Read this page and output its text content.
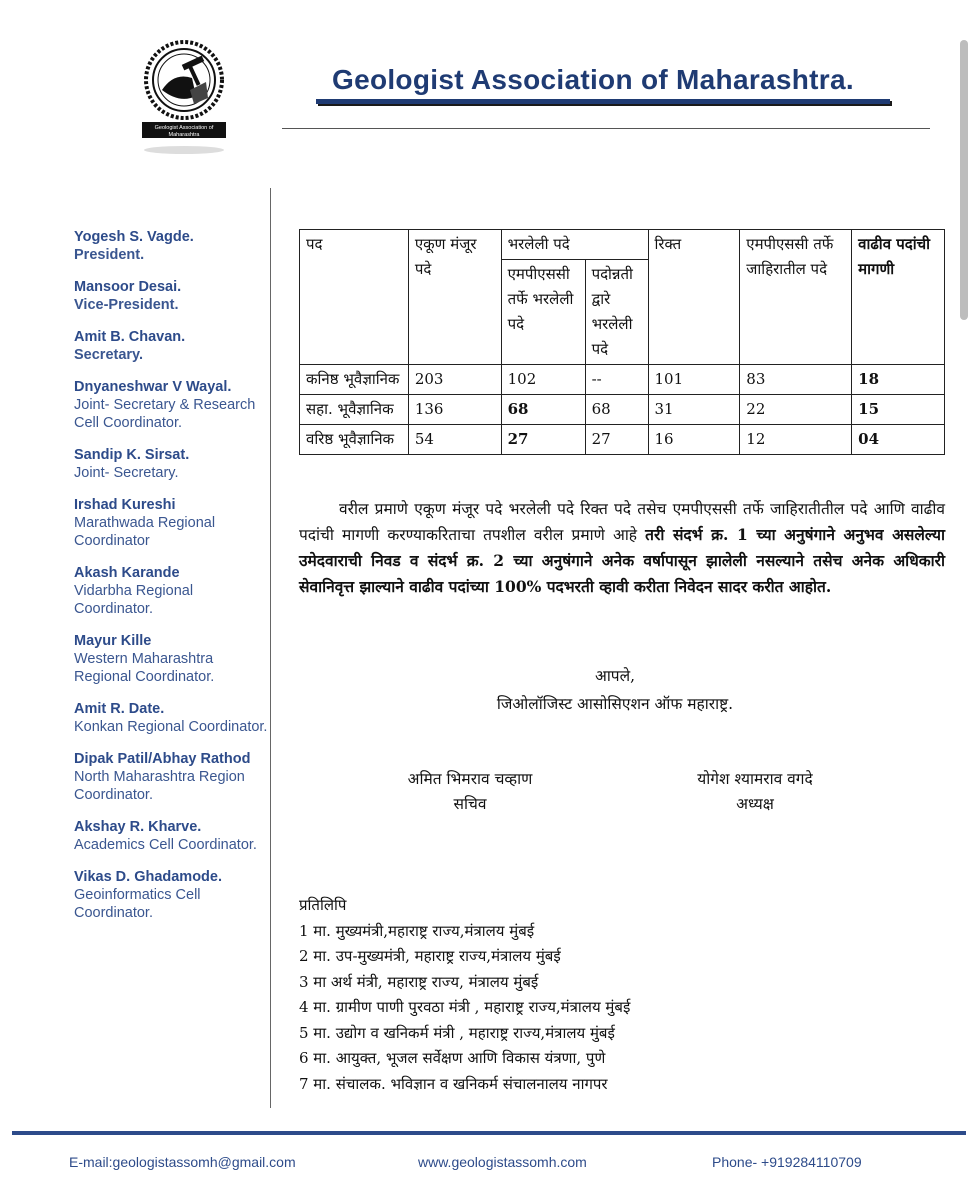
Geologist Association of
Maharashtra
Geologist Association of Maharashtra.
Yogesh S. Vagde.
President.
Mansoor Desai.
Vice-President.
Amit B. Chavan.
Secretary.
Dnyaneshwar V Wayal.
Joint- Secretary & Research Cell Coordinator.
Sandip K. Sirsat.
Joint- Secretary.
Irshad Kureshi
Marathwada Regional Coordinator
Akash Karande
Vidarbha Regional Coordinator.
Mayur Kille
Western Maharashtra Regional Coordinator.
Amit R. Date.
Konkan Regional Coordinator.
Dipak Patil/Abhay Rathod
North Maharashtra Region Coordinator.
Akshay R. Kharve.
Academics Cell Coordinator.
Vikas D. Ghadamode.
Geoinformatics Cell Coordinator.
पद	एकूण मंजूर पदे	भरलेली पदे		रिक्त	एमपीएससी तर्फे जाहिरातील पदे	वाढीव पदांची मागणी
		एमपीएससी तर्फे भरलेली पदे	पदोन्नती द्वारे भरलेली पदे			
कनिष्ठ भूवैज्ञानिक	203	102	--	101	83	18
सहा. भूवैज्ञानिक	136	68	68	31	22	15
वरिष्ठ भूवैज्ञानिक	54	27	27	16	12	04

वरील प्रमाणे एकूण मंजूर पदे भरलेली पदे रिक्त पदे तसेच एमपीएससी तर्फे जाहिरातीतील पदे आणि वाढीव पदांची मागणी करण्याकरिताचा तपशील वरील प्रमाणे आहे तरी संदर्भ क्र. 1 च्या अनुषंगाने अनुभव असलेल्या उमेदवाराची निवड व संदर्भ क्र. 2 च्या अनुषंगाने अनेक वर्षापासून झालेली नसल्याने तसेच अनेक अधिकारी सेवानिवृत्त झाल्याने वाढीव पदांच्या 100% पदभरती व्हावी करीता निवेदन सादर करीत आहोत.

आपले,
जिओलॉजिस्ट आसोसिएशन ऑफ महाराष्ट्र.
अमित भिमराव चव्हाण
सचिव
योगेश श्यामराव वगदे
अध्यक्ष
प्रतिलिपि
1 मा. मुख्यमंत्री,महाराष्ट्र राज्य,मंत्रालय मुंबई
2 मा. उप-मुख्यमंत्री, महाराष्ट्र राज्य,मंत्रालय मुंबई
3 मा अर्थ मंत्री, महाराष्ट्र राज्य, मंत्रालय मुंबई
4 मा. ग्रामीण पाणी पुरवठा मंत्री , महाराष्ट्र राज्य,मंत्रालय मुंबई
5 मा. उद्योग व खनिकर्म मंत्री , महाराष्ट्र राज्य,मंत्रालय मुंबई
6 मा. आयुक्त, भूजल सर्वेक्षण आणि विकास यंत्रणा, पुणे
7 मा. संचालक. भविज्ञान व खनिकर्म संचालनालय नागपर
E-mail:geologistassomh@gmail.com	www.geologistassomh.com	Phone- +919284110709
